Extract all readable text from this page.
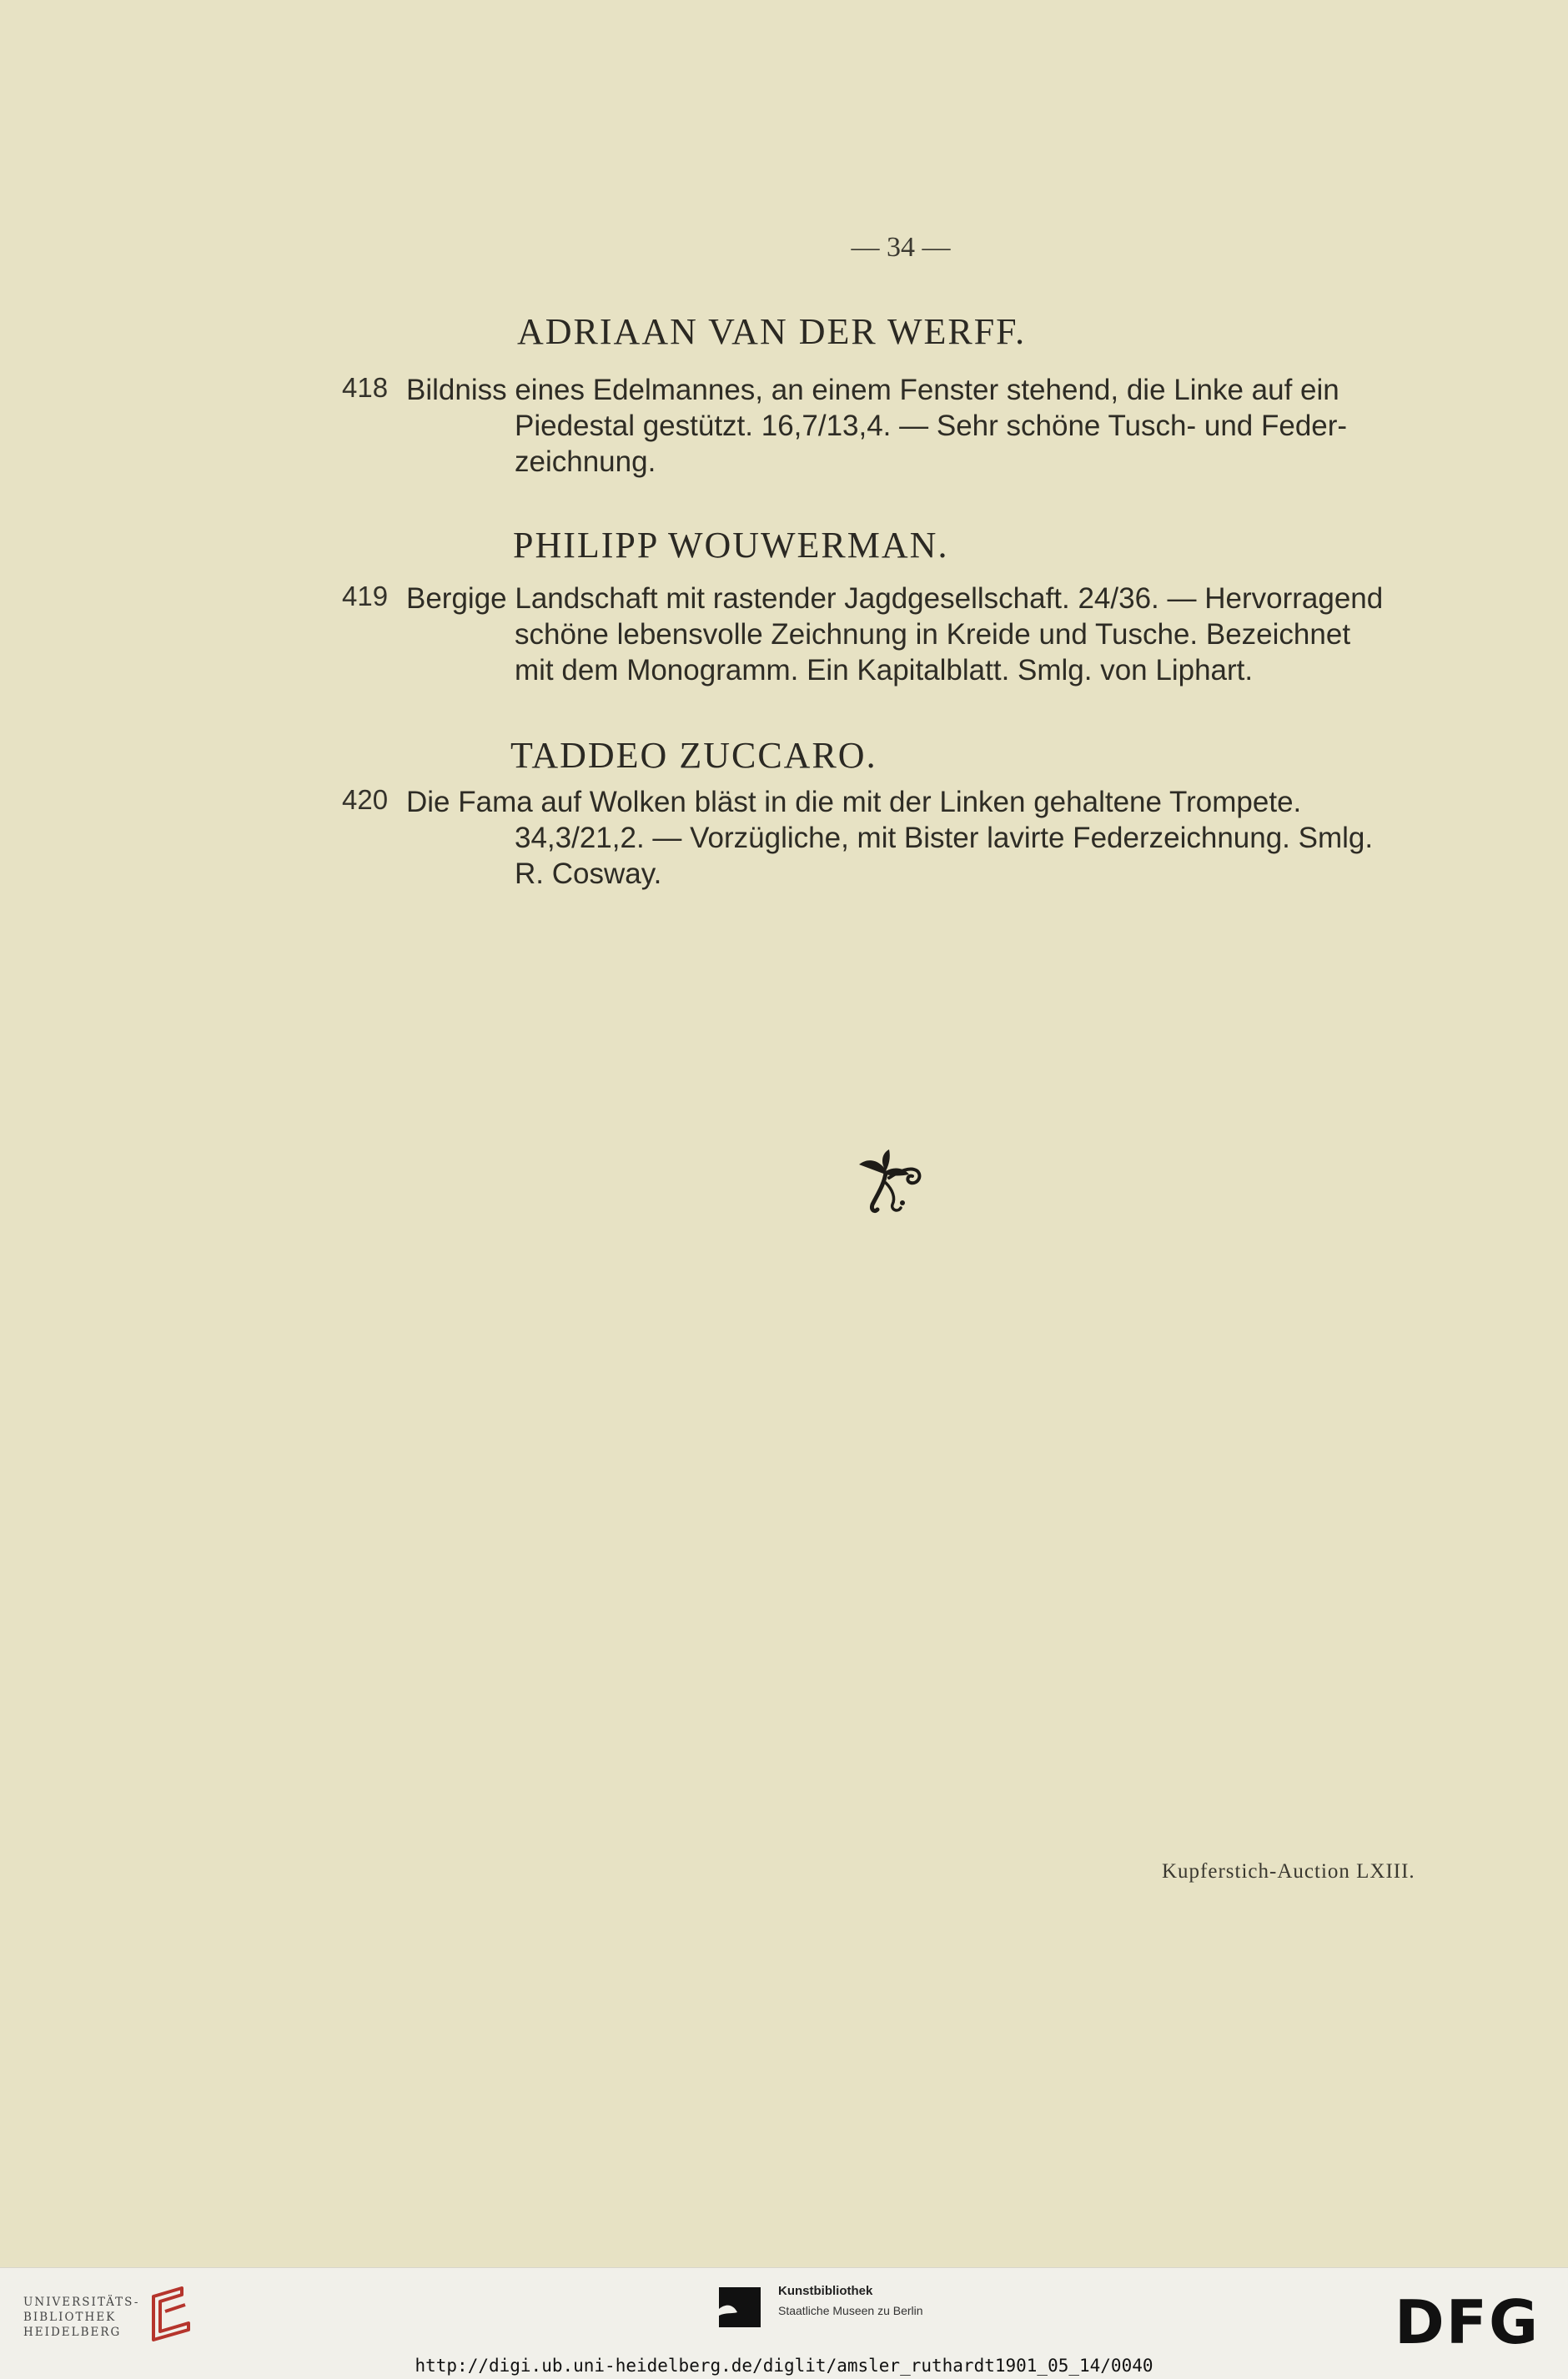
— 34 —
ADRIAAN VAN DER WERFF.
418 Bildniss eines Edelmannes, an einem Fenster stehend, die Linke auf ein
Piedestal gestützt. 16,7/13,4. — Sehr schöne Tusch- und Feder-
zeichnung.
PHILIPP WOUWERMAN.
419 Bergige Landschaft mit rastender Jagdgesellschaft. 24/36. — Hervorragend
schöne lebensvolle Zeichnung in Kreide und Tusche. Bezeichnet
mit dem Monogramm. Ein Kapitalblatt. Smlg. von Liphart.
TADDEO ZUCCARO.
420 Die Fama auf Wolken bläst in die mit der Linken gehaltene Trompete.
34,3/21,2. — Vorzügliche, mit Bister lavirte Federzeichnung. Smlg.
R. Cosway.
Kupferstich-Auction LXIII.
UNIVERSITÄTS-
BIBLIOTHEK
HEIDELBERG
Kunstbibliothek
Staatliche Museen zu Berlin	DFG
http://digi.ub.uni-heidelberg.de/diglit/amsler_ruthardt1901_05_14/0040
